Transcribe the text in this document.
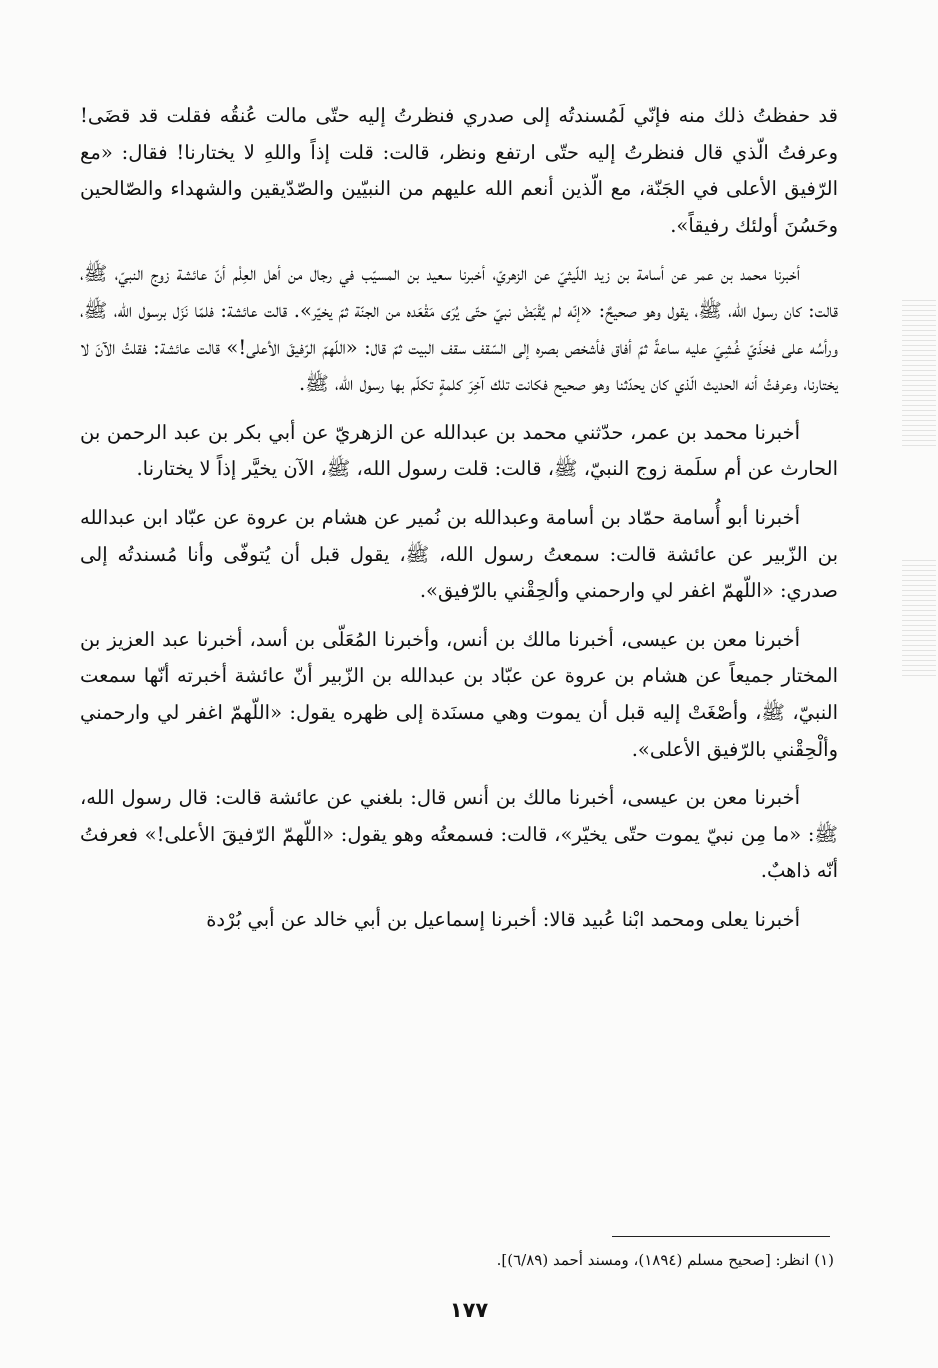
قد حفظتُ ذلك منه فإنّي لَمُسندتُه إلى صدري فنظرتُ إليه حتّى مالت عُنقُه فقلت قد قضَى! وعرفتُ الّذي قال فنظرتُ إليه حتّى ارتفع ونظر، قالت: قلت إذاً واللهِ لا يختارنا! فقال: «مع الرّفيق الأعلى في الجَنّة، مع الّذين أنعم الله عليهم من النبيّين والصّدّيقين والشهداء والصّالحين وحَسُنَ أولئك رفيقاً».

أخبرنا محمد بن عمر عن أسامة بن زيد اللّيثيّ عن الزهريّ، أخبرنا سعيد بن المسيّب في رجال من أهل العِلْم أنّ عائشة زوج النبيّ، ﷺ، قالت: كان رسول الله، ﷺ، يقول وهو صحيحٌ: «إنّه لم يُقْبَضْ نبيّ حتّى يُرَى مَقْعَده من الجنّة ثمّ يخيّر». قالت عائشة: فلمّا نَزَل برسول الله، ﷺ، ورأسُه على فخذَيّ غُشِيَ عليه ساعةً ثمّ أفاق فأشخص بصره إلى السّقف سقف البيت ثمّ قال: «اللّهمّ الرّفيقَ الأعلى!» قالت عائشة: فقلتُ الآنَ لا يختارنا، وعرفتُ أنه الحديث الّذي كان يحدّثنا وهو صحيح فكانت تلك آخِرَ كلمةٍ تكلّم بها رسول الله، ﷺ.

أخبرنا محمد بن عمر، حدّثني محمد بن عبدالله عن الزهريّ عن أبي بكر بن عبد الرحمن بن الحارث عن أم سلَمة زوج النبيّ، ﷺ، قالت: قلت رسول الله، ﷺ، الآن يخيَّر إذاً لا يختارنا.

أخبرنا أبو أُسامة حمّاد بن أسامة وعبدالله بن نُمير عن هشام بن عروة عن عبّاد ابن عبدالله بن الزّبير عن عائشة قالت: سمعتُ رسول الله، ﷺ، يقول قبل أن يُتوفّى وأنا مُسندتُه إلى صدري: «اللّهمّ اغفر لي وارحمني وألحِقْني بالرّفيق».

أخبرنا معن بن عيسى، أخبرنا مالك بن أنس، وأخبرنا المُعَلّى بن أسد، أخبرنا عبد العزيز بن المختار جميعاً عن هشام بن عروة عن عبّاد بن عبدالله بن الزّبير أنّ عائشة أخبرته أنّها سمعت النبيّ، ﷺ، وأصْغَتْ إليه قبل أن يموت وهي مسنَدة إلى ظهره يقول: «اللّهمّ اغفر لي وارحمني وألْحِقْني بالرّفيق الأعلى».

أخبرنا معن بن عيسى، أخبرنا مالك بن أنس قال: بلغني عن عائشة قالت: قال رسول الله، ﷺ: «ما مِن نبيّ يموت حتّى يخيّر»، قالت: فسمعتُه وهو يقول: «اللّهمّ الرّفيقَ الأعلى!» فعرفتُ أنّه ذاهبٌ.

أخبرنا يعلى ومحمد ابْنا عُبيد قالا: أخبرنا إسماعيل بن أبي خالد عن أبي بُرْدة

(١) انظر: [صحيح مسلم (١٨٩٤)، ومسند أحمد (٦/٨٩)].
١٧٧
